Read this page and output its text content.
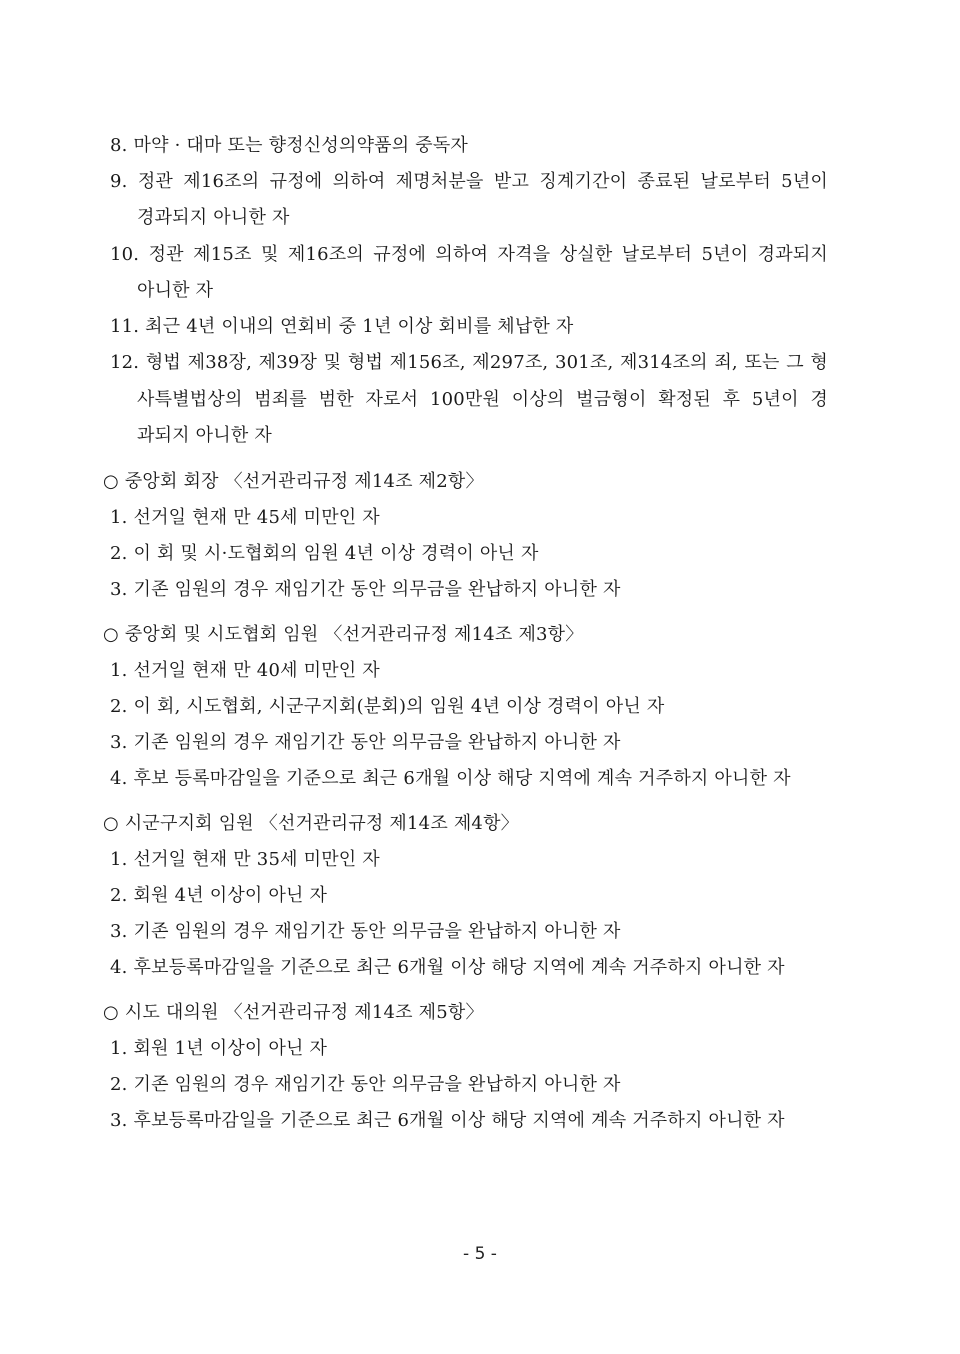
8. 마약 · 대마 또는 향정신성의약품의 중독자
9. 정관 제16조의 규정에 의하여 제명처분을 받고 징계기간이 종료된 날로부터 5년이
경과되지 아니한 자
10. 정관 제15조 및 제16조의 규정에 의하여 자격을 상실한 날로부터 5년이 경과되지
아니한 자
11. 최근 4년 이내의 연회비 중 1년 이상 회비를 체납한 자
12. 형법 제38장, 제39장 및 형법 제156조, 제297조, 301조, 제314조의 죄, 또는 그 형
사특별법상의 범죄를 범한 자로서 100만원 이상의 벌금형이 확정된 후 5년이 경
과되지 아니한 자
○ 중앙회 회장 〈선거관리규정 제14조 제2항〉
1. 선거일 현재 만 45세 미만인 자
2. 이 회 및 시·도협회의 임원 4년 이상 경력이 아닌 자
3. 기존 임원의 경우 재임기간 동안 의무금을 완납하지 아니한 자
○ 중앙회 및 시도협회 임원 〈선거관리규정 제14조 제3항〉
1. 선거일 현재 만 40세 미만인 자
2. 이 회, 시도협회, 시군구지회(분회)의 임원 4년 이상 경력이 아닌 자
3. 기존 임원의 경우 재임기간 동안 의무금을 완납하지 아니한 자
4. 후보 등록마감일을 기준으로 최근 6개월 이상 해당 지역에 계속 거주하지 아니한 자
○ 시군구지회 임원 〈선거관리규정 제14조 제4항〉
1. 선거일 현재 만 35세 미만인 자
2. 회원 4년 이상이 아닌 자
3. 기존 임원의 경우 재임기간 동안 의무금을 완납하지 아니한 자
4. 후보등록마감일을 기준으로 최근 6개월 이상 해당 지역에 계속 거주하지 아니한 자
○ 시도 대의원 〈선거관리규정 제14조 제5항〉
1. 회원 1년 이상이 아닌 자
2. 기존 임원의 경우 재임기간 동안 의무금을 완납하지 아니한 자
3. 후보등록마감일을 기준으로 최근 6개월 이상 해당 지역에 계속 거주하지 아니한 자
- 5 -
